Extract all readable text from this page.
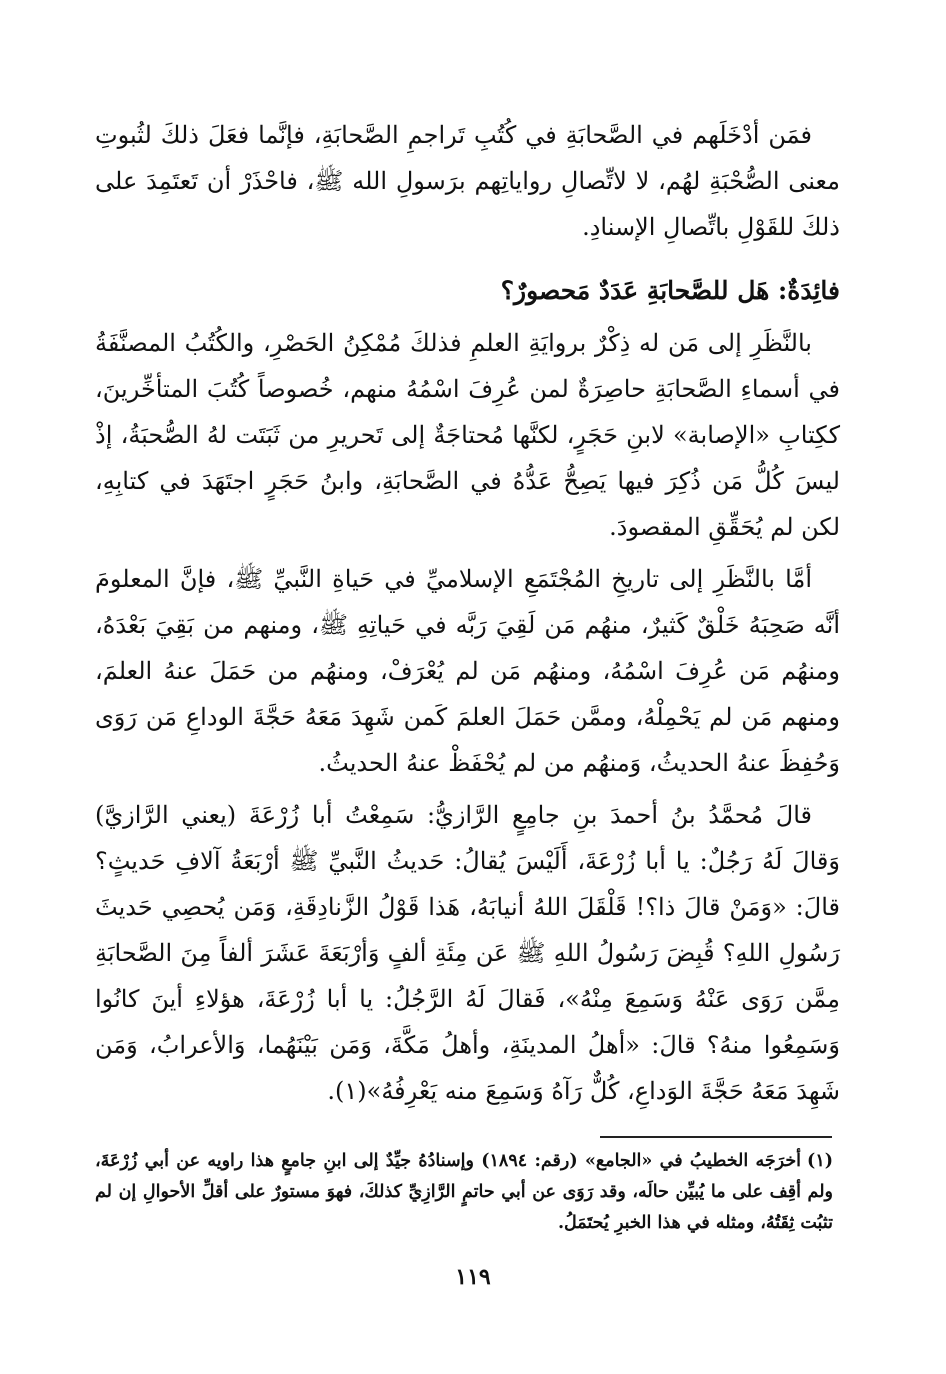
فمَن أدْخَلَهم في الصَّحابَةِ في كُتُبِ تَراجمِ الصَّحابَةِ، فإنَّما فعَلَ ذلكَ لثُبوتِ معنى الصُّحْبَةِ لهُم، لا لاتِّصالِ رواياتِهم برَسولِ الله ﷺ، فاحْذَرْ أن تَعتَمِدَ على ذلكَ للقَوْلِ باتِّصالِ الإسنادِ.

فائِدَةٌ: هَل للصَّحابَةِ عَدَدٌ مَحصورٌ؟

بالنَّظَرِ إلى مَن له ذِكْرٌ بروايَةِ العلمِ فذلكَ مُمْكِنُ الحَصْرِ، والكُتُبُ المصنَّفَةُ في أسماءِ الصَّحابَةِ حاصِرَةٌ لمن عُرِفَ اسْمُهُ منهم، خُصوصاً كُتُبَ المتأخِّرينَ، ككِتابِ «الإصابة» لابنِ حَجَرٍ، لكنَّها مُحتاجَةٌ إلى تَحريرِ من ثَبَتَت لهُ الصُّحبَةُ، إذْ ليسَ كُلُّ مَن ذُكِرَ فيها يَصِحُّ عَدُّهُ في الصَّحابَةِ، وابنُ حَجَرٍ اجتَهَدَ في كتابِهِ، لكن لم يُحَقِّقِ المقصودَ.

أمَّا بالنَّظَرِ إلى تاريخِ المُجْتَمَعِ الإسلاميِّ في حَياةِ النَّبيِّ ﷺ، فإنَّ المعلومَ أنَّه صَحِبَهُ خَلْقٌ كَثيرٌ، منهُم مَن لَقِيَ رَبَّه في حَياتِهِ ﷺ، ومنهم من بَقِيَ بَعْدَهُ، ومنهُم مَن عُرِفَ اسْمُهُ، ومنهُم مَن لم يُعْرَفْ، ومنهُم من حَمَلَ عنهُ العلمَ، ومنهم مَن لم يَحْمِلْهُ، وممَّن حَمَلَ العلمَ كَمن شَهِدَ مَعَهُ حَجَّةَ الوداعِ مَن رَوَى وَحُفِظَ عنهُ الحديثُ، وَمنهُم من لم يُحْفَظْ عنهُ الحديثُ.

قالَ مُحمَّدُ بنُ أحمدَ بنِ جامِعٍ الرَّازيُّ: سَمِعْتُ أبا زُرْعَةَ (يعني الرَّازيَّ) وَقالَ لَهُ رَجُلٌ: يا أبا زُرْعَةَ، أَلَيْسَ يُقالُ: حَديثُ النَّبيِّ ﷺ أرْبَعَةُ آلافِ حَديثٍ؟ قالَ: «وَمَنْ قالَ ذا؟! قَلْقَلَ اللهُ أنيابَهُ، هَذا قَوْلُ الزَّنادِقَةِ، وَمَن يُحصِي حَديثَ رَسُولِ اللهِ؟ قُبِضَ رَسُولُ اللهِ ﷺ عَن مِئَةِ ألفٍ وَأرْبَعَةَ عَشَرَ ألفاً مِنَ الصَّحابَةِ مِمَّن رَوَى عَنْهُ وَسَمِعَ مِنْهُ»، فَقالَ لَهُ الرَّجُلُ: يا أبا زُرْعَةَ، هؤلاءِ أينَ كانُوا وَسَمِعُوا منهُ؟ قالَ: «أهلُ المدينَةِ، وأهلُ مَكَّةَ، وَمَن بَيْنَهُما، وَالأعرابُ، وَمَن شَهِدَ مَعَهُ حَجَّةَ الوَداعِ، كُلٌّ رَآهُ وَسَمِعَ منه يَعْرِفُهُ»(١).

(١)أخرَجَه الخطيبُ في «الجامع» (رقم: ١٨٩٤) وإسنادُهُ جيِّدٌ إلى ابنِ جامعٍ هذا راويه عن أبي زُرْعَةَ، ولم أقِف على ما يُبيِّن حالَه، وقد رَوَى عن أبي حاتمٍ الرَّازِيِّ كذلكَ، فهوَ مستورٌ على أقلِّ الأحوالِ إن لم تثبُت ثِقَتُهُ، ومثله في هذا الخبرِ يُحتَمَلُ.
١١٩
